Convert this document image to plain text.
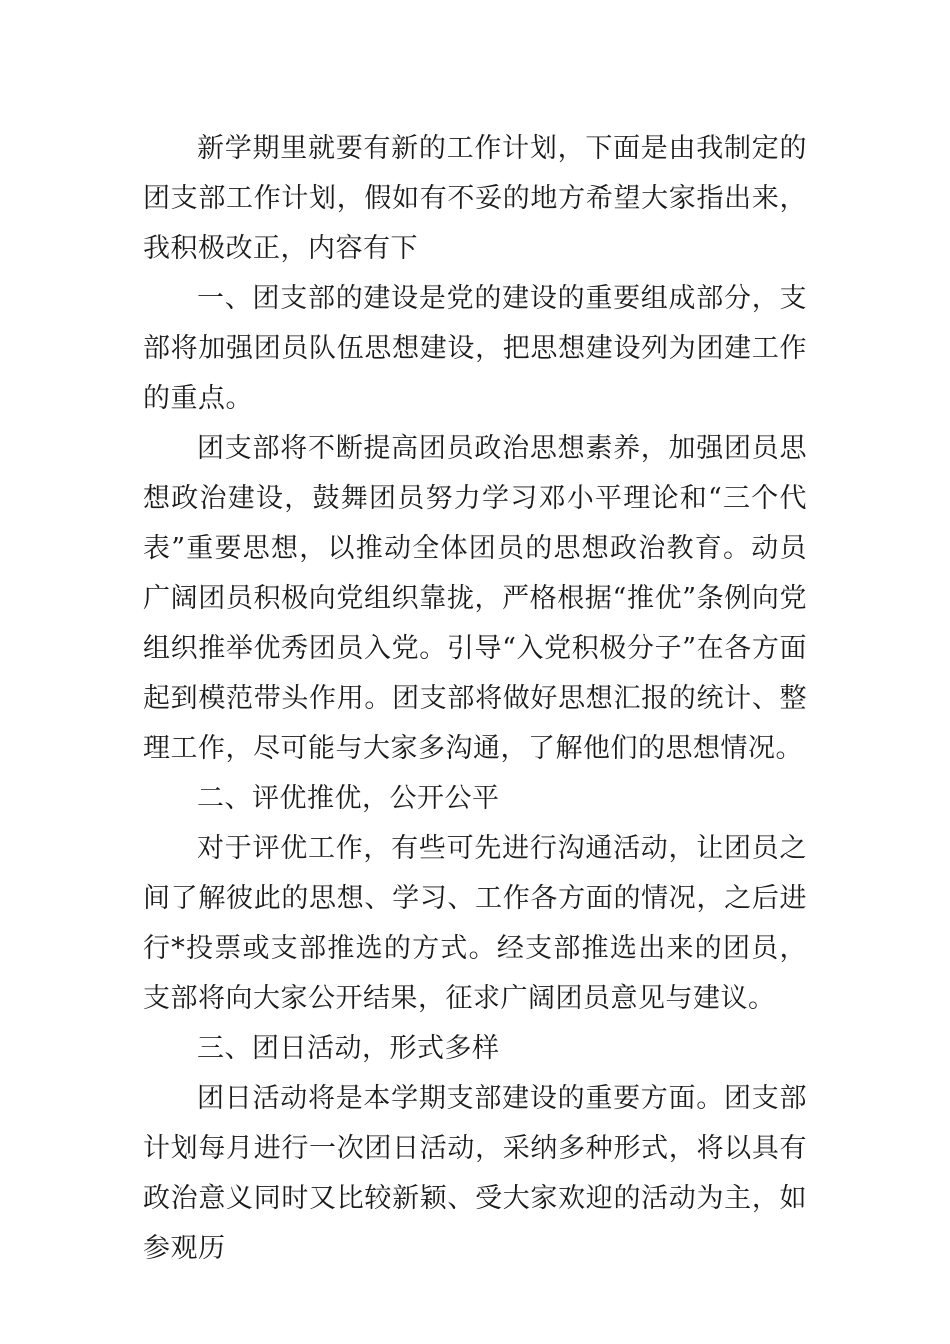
新学期里就要有新的工作计划，下面是由我制定的团支部工作计划，假如有不妥的地方希望大家指出来，我积极改正，内容有下

一、团支部的建设是党的建设的重要组成部分，支部将加强团员队伍思想建设，把思想建设列为团建工作的重点。

团支部将不断提高团员政治思想素养，加强团员思想政治建设，鼓舞团员努力学习邓小平理论和“三个代表”重要思想，以推动全体团员的思想政治教育。动员广阔团员积极向党组织靠拢，严格根据“推优”条例向党组织推举优秀团员入党。引导“入党积极分子”在各方面起到模范带头作用。团支部将做好思想汇报的统计、整理工作，尽可能与大家多沟通，了解他们的思想情况。

二、评优推优，公开公平

对于评优工作，有些可先进行沟通活动，让团员之间了解彼此的思想、学习、工作各方面的情况，之后进行*投票或支部推选的方式。经支部推选出来的团员，支部将向大家公开结果，征求广阔团员意见与建议。

三、团日活动，形式多样

团日活动将是本学期支部建设的重要方面。团支部计划每月进行一次团日活动，采纳多种形式，将以具有政治意义同时又比较新颖、受大家欢迎的活动为主，如参观历
